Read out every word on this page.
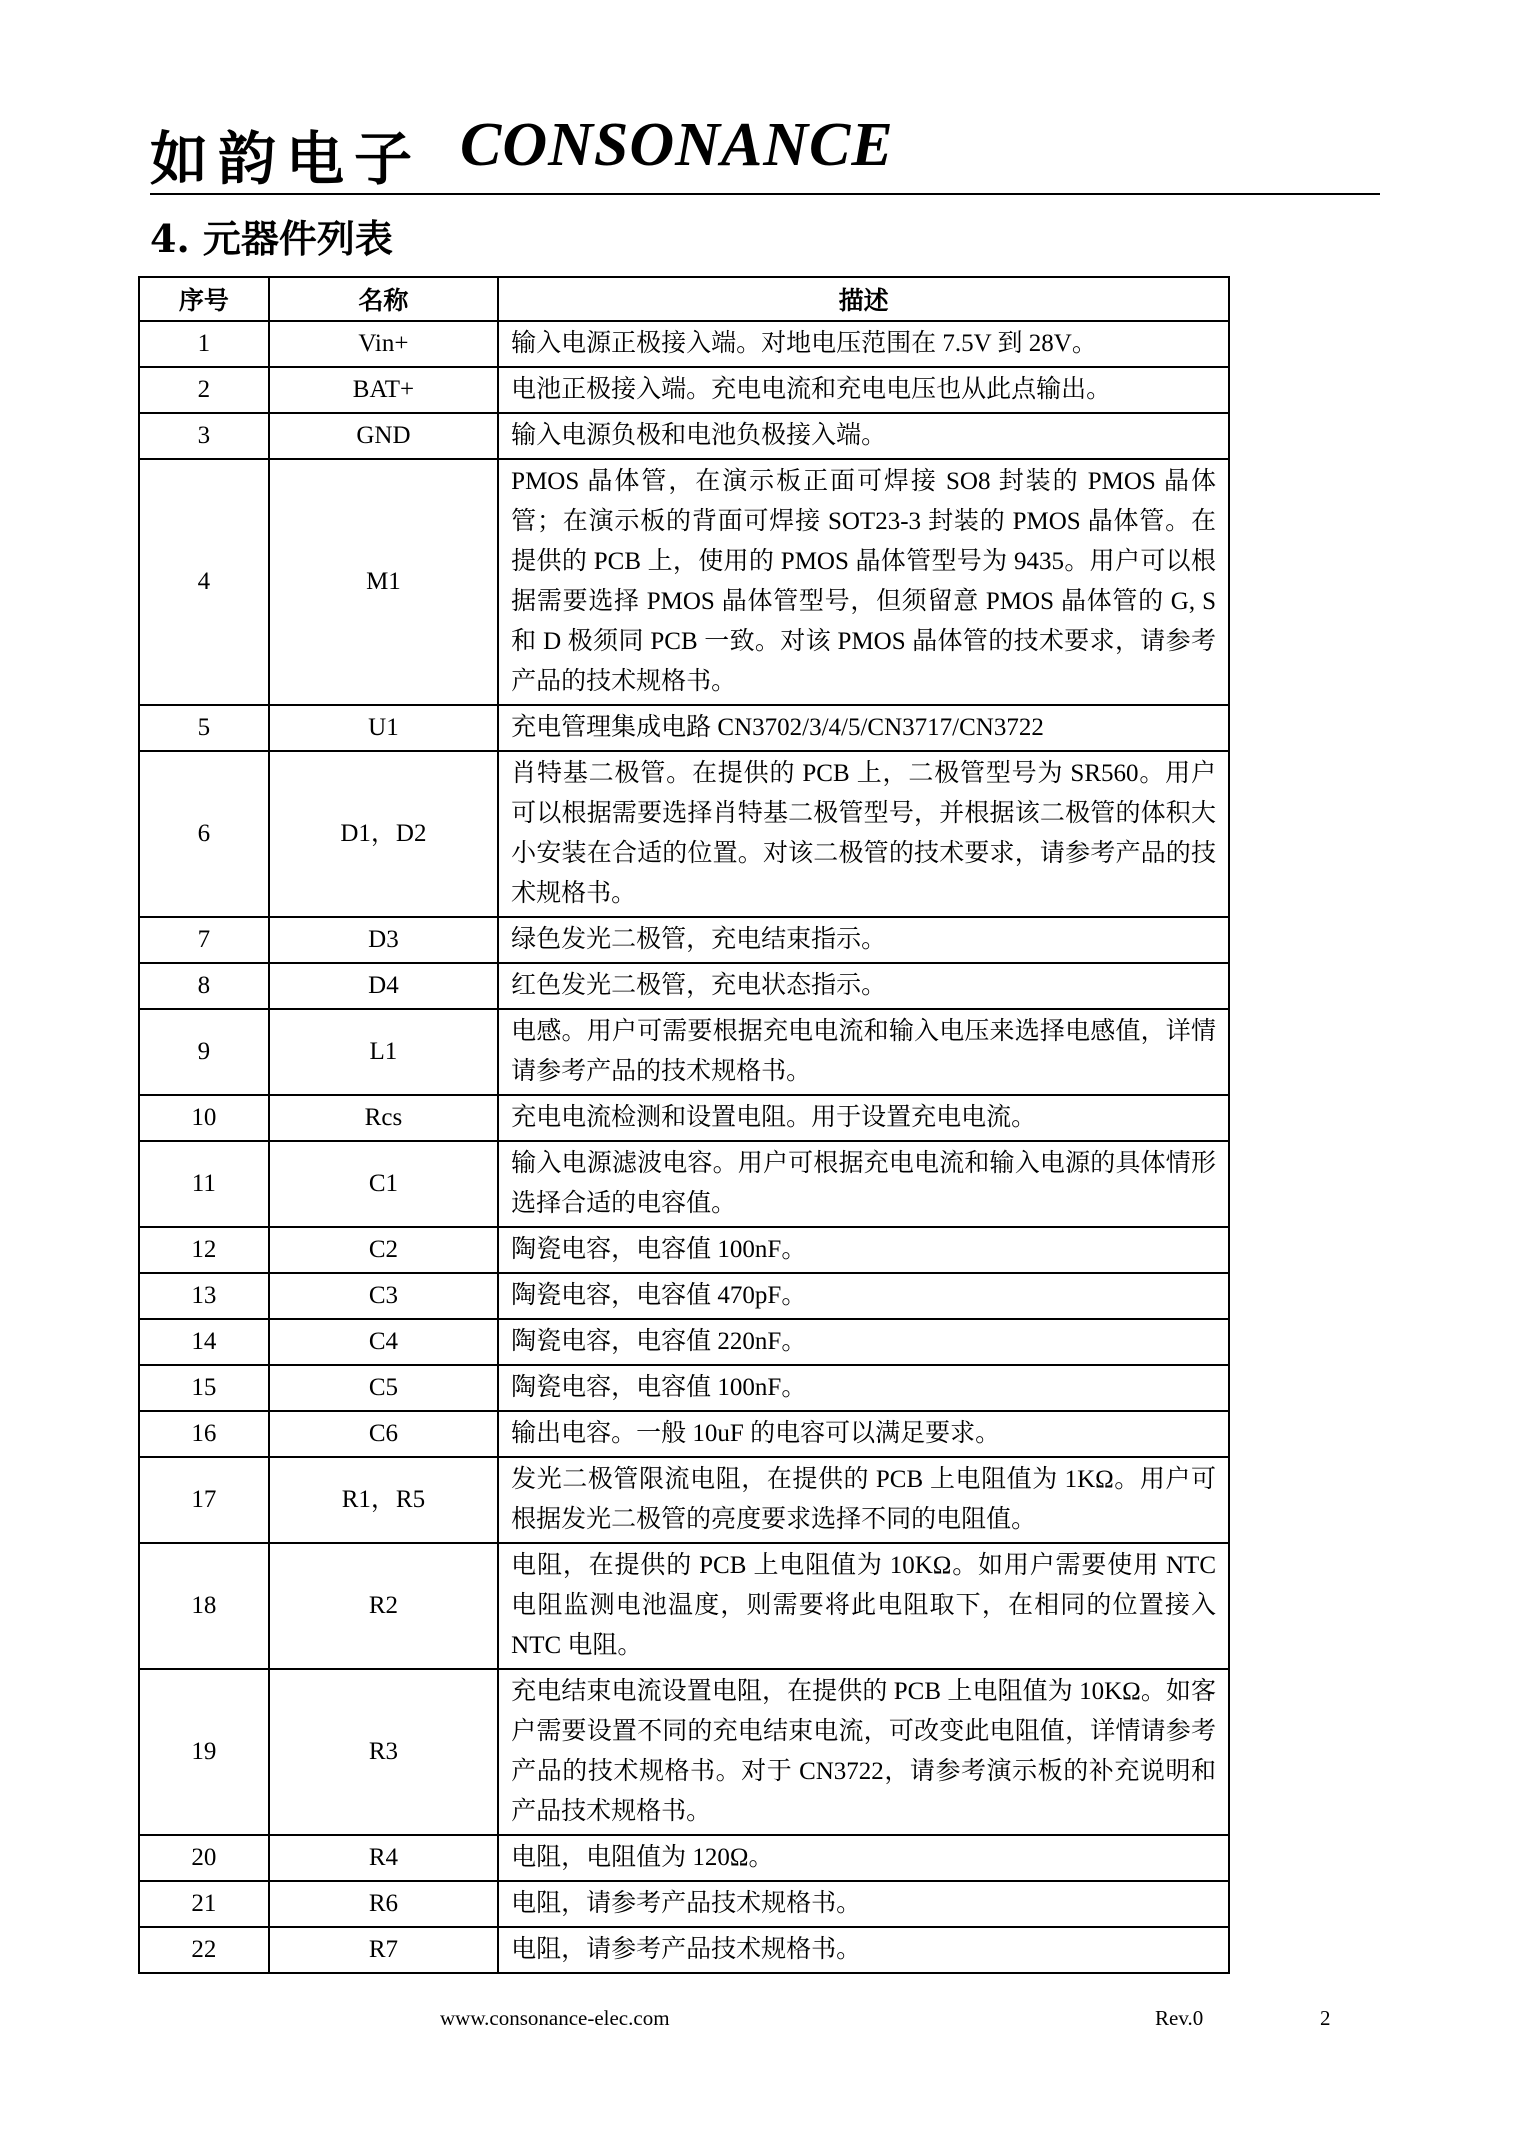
如韵电子 CONSONANCE
4. 元器件列表
序号	名称	描述
1	Vin+	输入电源正极接入端。对地电压范围在 7.5V 到 28V。
2	BAT+	电池正极接入端。充电电流和充电电压也从此点输出。
3	GND	输入电源负极和电池负极接入端。
4	M1	PMOS 晶体管，在演示板正面可焊接 SO8 封装的 PMOS 晶体管；在演示板的背面可焊接 SOT23-3 封装的 PMOS 晶体管。在提供的 PCB 上，使用的 PMOS 晶体管型号为 9435。用户可以根据需要选择 PMOS 晶体管型号，但须留意 PMOS 晶体管的 G, S 和 D 极须同 PCB 一致。对该 PMOS 晶体管的技术要求，请参考产品的技术规格书。
5	U1	充电管理集成电路 CN3702/3/4/5/CN3717/CN3722
6	D1，D2	肖特基二极管。在提供的 PCB 上，二极管型号为 SR560。用户可以根据需要选择肖特基二极管型号，并根据该二极管的体积大小安装在合适的位置。对该二极管的技术要求，请参考产品的技术规格书。
7	D3	绿色发光二极管，充电结束指示。
8	D4	红色发光二极管，充电状态指示。
9	L1	电感。用户可需要根据充电电流和输入电压来选择电感值，详情请参考产品的技术规格书。
10	Rcs	充电电流检测和设置电阻。用于设置充电电流。
11	C1	输入电源滤波电容。用户可根据充电电流和输入电源的具体情形选择合适的电容值。
12	C2	陶瓷电容，电容值 100nF。
13	C3	陶瓷电容，电容值 470pF。
14	C4	陶瓷电容，电容值 220nF。
15	C5	陶瓷电容，电容值 100nF。
16	C6	输出电容。一般 10uF 的电容可以满足要求。
17	R1，R5	发光二极管限流电阻，在提供的 PCB 上电阻值为 1KΩ。用户可根据发光二极管的亮度要求选择不同的电阻值。
18	R2	电阻，在提供的 PCB 上电阻值为 10KΩ。如用户需要使用 NTC 电阻监测电池温度，则需要将此电阻取下，在相同的位置接入 NTC 电阻。
19	R3	充电结束电流设置电阻，在提供的 PCB 上电阻值为 10KΩ。如客户需要设置不同的充电结束电流，可改变此电阻值，详情请参考产品的技术规格书。对于 CN3722，请参考演示板的补充说明和产品技术规格书。
20	R4	电阻，电阻值为 120Ω。
21	R6	电阻，请参考产品技术规格书。
22	R7	电阻，请参考产品技术规格书。
www.consonance-elec.com	Rev.0	2
